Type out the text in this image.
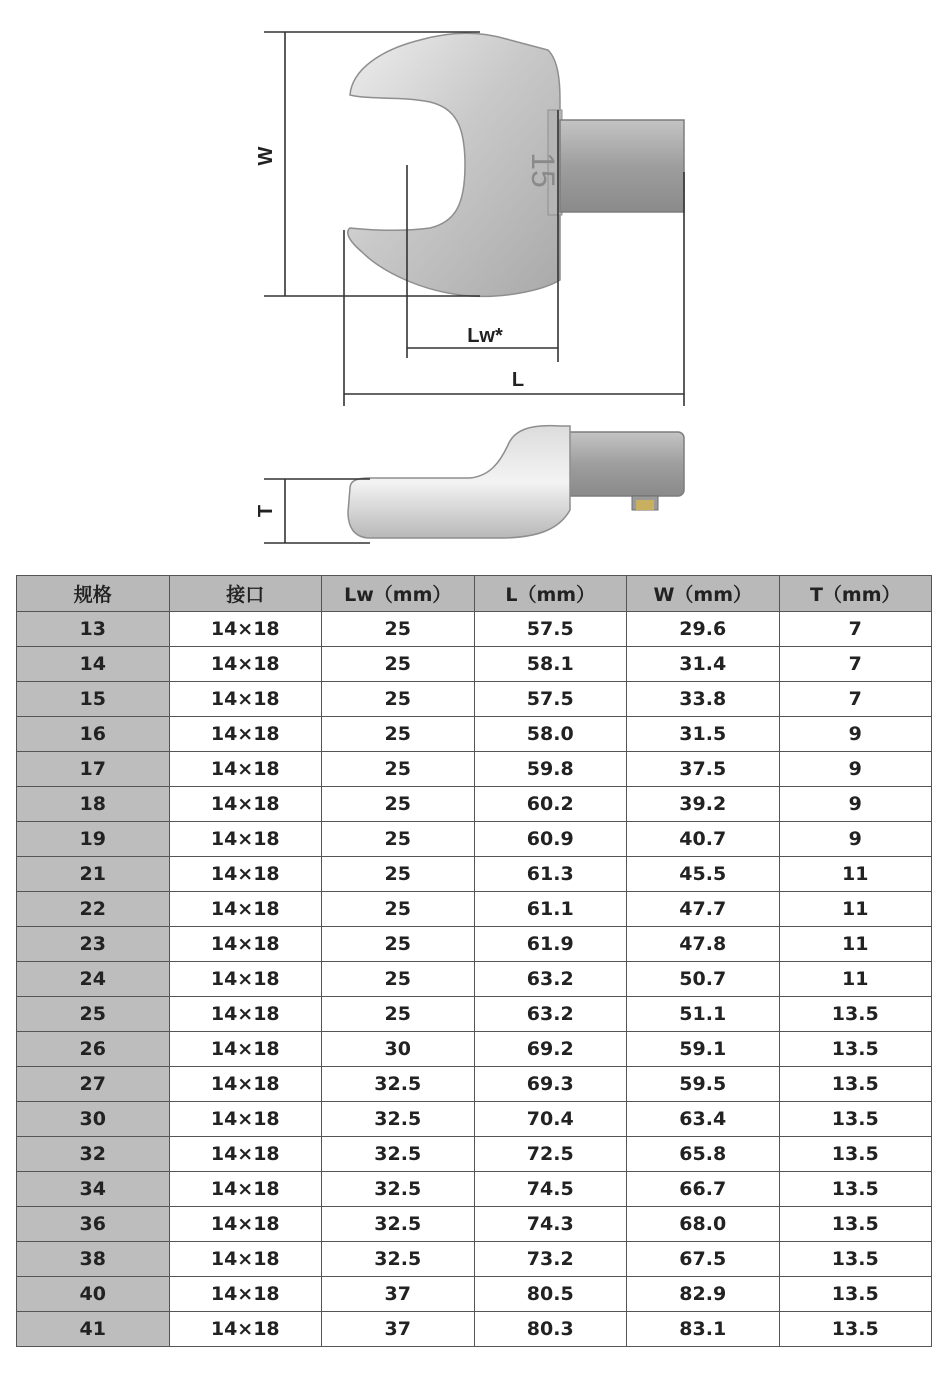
15
W
Lw*
L
T
规格	接口	Lw（mm）	L（mm）	W（mm）	T（mm）
13	14×18	25	57.5	29.6	7
14	14×18	25	58.1	31.4	7
15	14×18	25	57.5	33.8	7
16	14×18	25	58.0	31.5	9
17	14×18	25	59.8	37.5	9
18	14×18	25	60.2	39.2	9
19	14×18	25	60.9	40.7	9
21	14×18	25	61.3	45.5	11
22	14×18	25	61.1	47.7	11
23	14×18	25	61.9	47.8	11
24	14×18	25	63.2	50.7	11
25	14×18	25	63.2	51.1	13.5
26	14×18	30	69.2	59.1	13.5
27	14×18	32.5	69.3	59.5	13.5
30	14×18	32.5	70.4	63.4	13.5
32	14×18	32.5	72.5	65.8	13.5
34	14×18	32.5	74.5	66.7	13.5
36	14×18	32.5	74.3	68.0	13.5
38	14×18	32.5	73.2	67.5	13.5
40	14×18	37	80.5	82.9	13.5
41	14×18	37	80.3	83.1	13.5
